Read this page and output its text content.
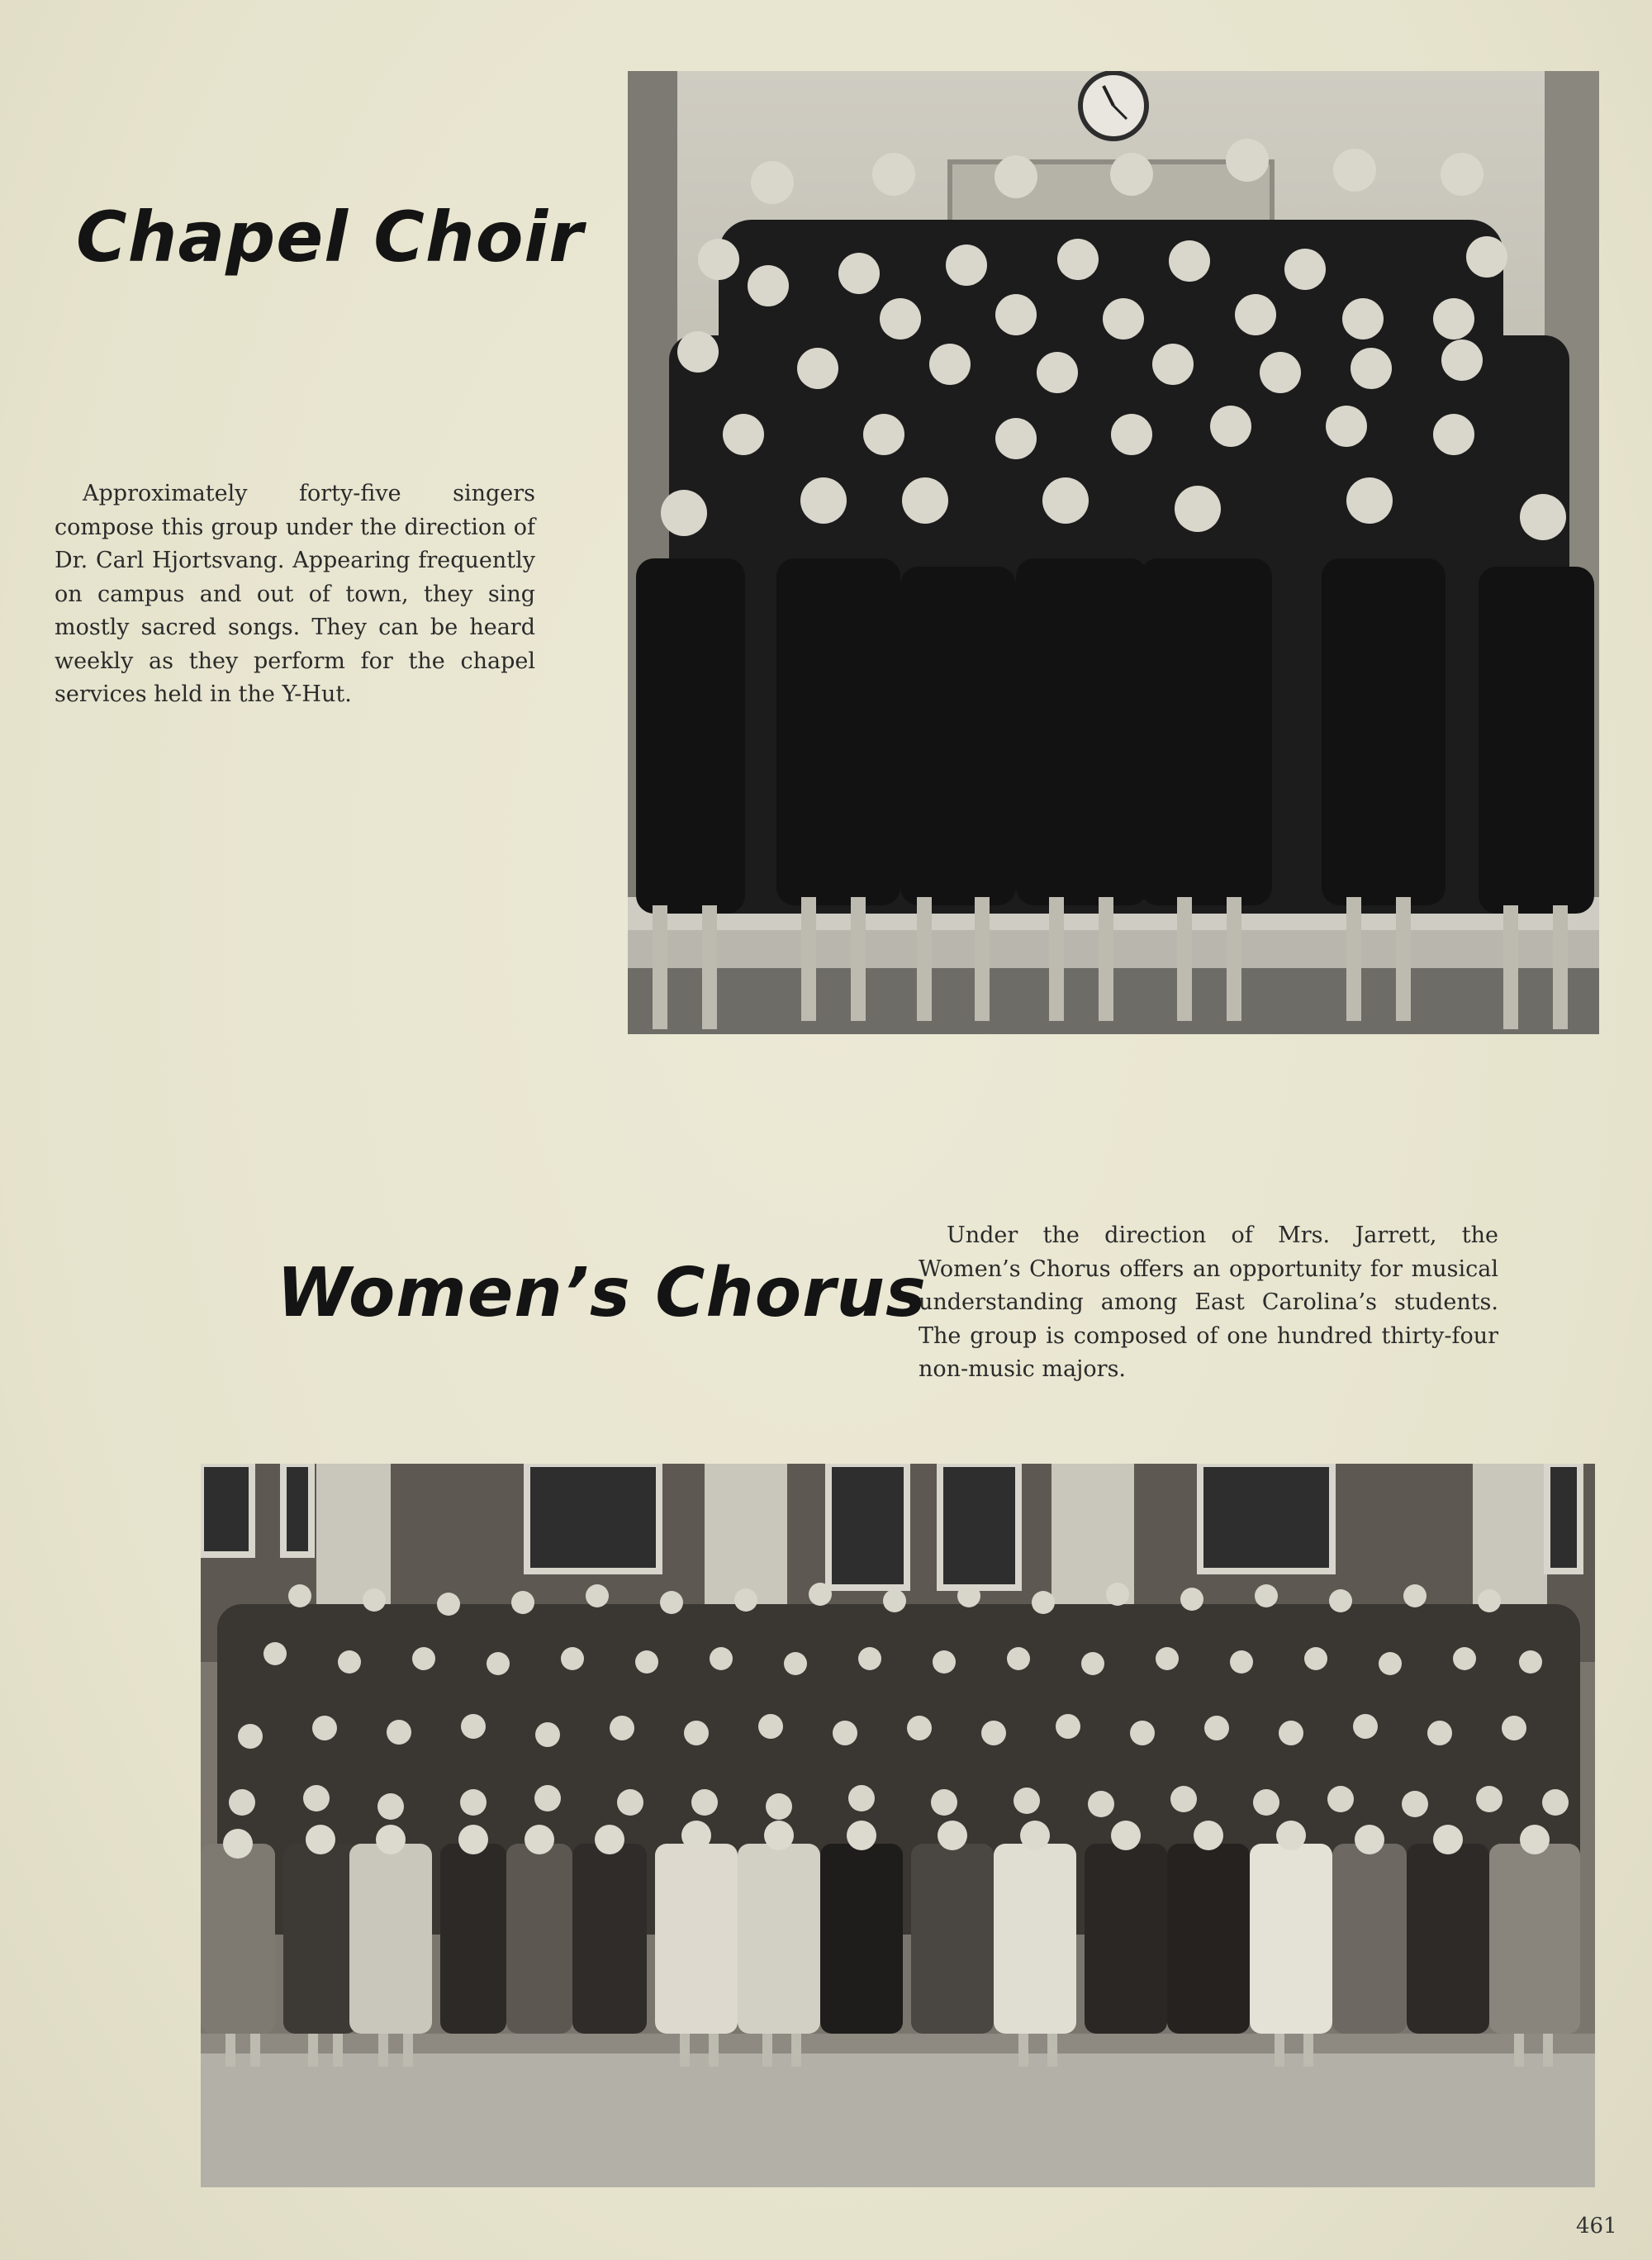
Chapel Choir
Approximately forty-five singers compose this group under the direction of Dr. Carl Hjortsvang. Appearing frequently on campus and out of town, they sing mostly sacred songs. They can be heard weekly as they perform for the chapel services held in the Y-Hut.
Women’s Chorus
Under the direction of Mrs. Jarrett, the Women’s Chorus offers an opportunity for musical understanding among East Carolina’s students. The group is composed of one hundred thirty-four non-music majors.
461
